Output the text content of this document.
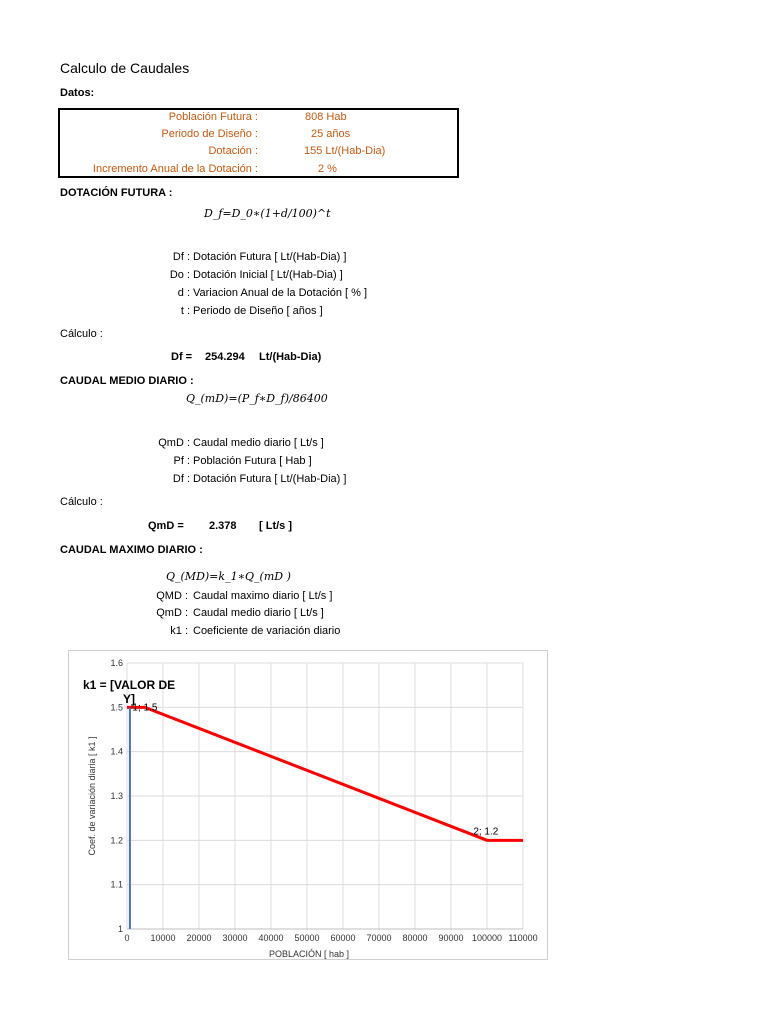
Calculo de Caudales
Datos:
Población Futura :	808 Hab
Periodo de Diseño :	25 años
Dotación :	155 Lt/(Hab-Dia)
Incremento Anual de la Dotación :	2 %
DOTACIÓN FUTURA :
𝐷_𝑓=𝐷_0∗(1+𝑑/100)^𝑡
Df : Dotación Futura [ Lt/(Hab-Dia) ]
Do : Dotación Inicial [ Lt/(Hab-Dia) ]
d : Variacion Anual de la Dotación [ % ]
t : Periodo de Diseño [ años ]
Cálculo :
Df = 254.294 Lt/(Hab-Dia)
CAUDAL MEDIO DIARIO :
𝑄_(𝑚𝐷)=(P_f∗𝐷_f)/86400
QmD : Caudal medio diario [ Lt/s ]
Pf : Población Futura [ Hab ]
Df : Dotación Futura [ Lt/(Hab-Dia) ]
Cálculo :
QmD = 2.378 [ Lt/s ]
CAUDAL MAXIMO DIARIO :
𝑄_(𝑀𝐷)=𝑘_1∗Q_(mD )
QMD : Caudal maximo diario [ Lt/s ]
QmD : Caudal medio diario [ Lt/s ]
k1 : Coeficiente de variación diario
0 10000 20000 30000 40000 50000 60000 70000 80000 90000 100000 110000
1
1.1
1.2
1.3
1.4
1.5
1.6
1; 1.5
2; 1.2
k1 = [VALOR DE Y]
POBLACIÓN [ hab ]
Coef. de variación diaria [ k1 ]
